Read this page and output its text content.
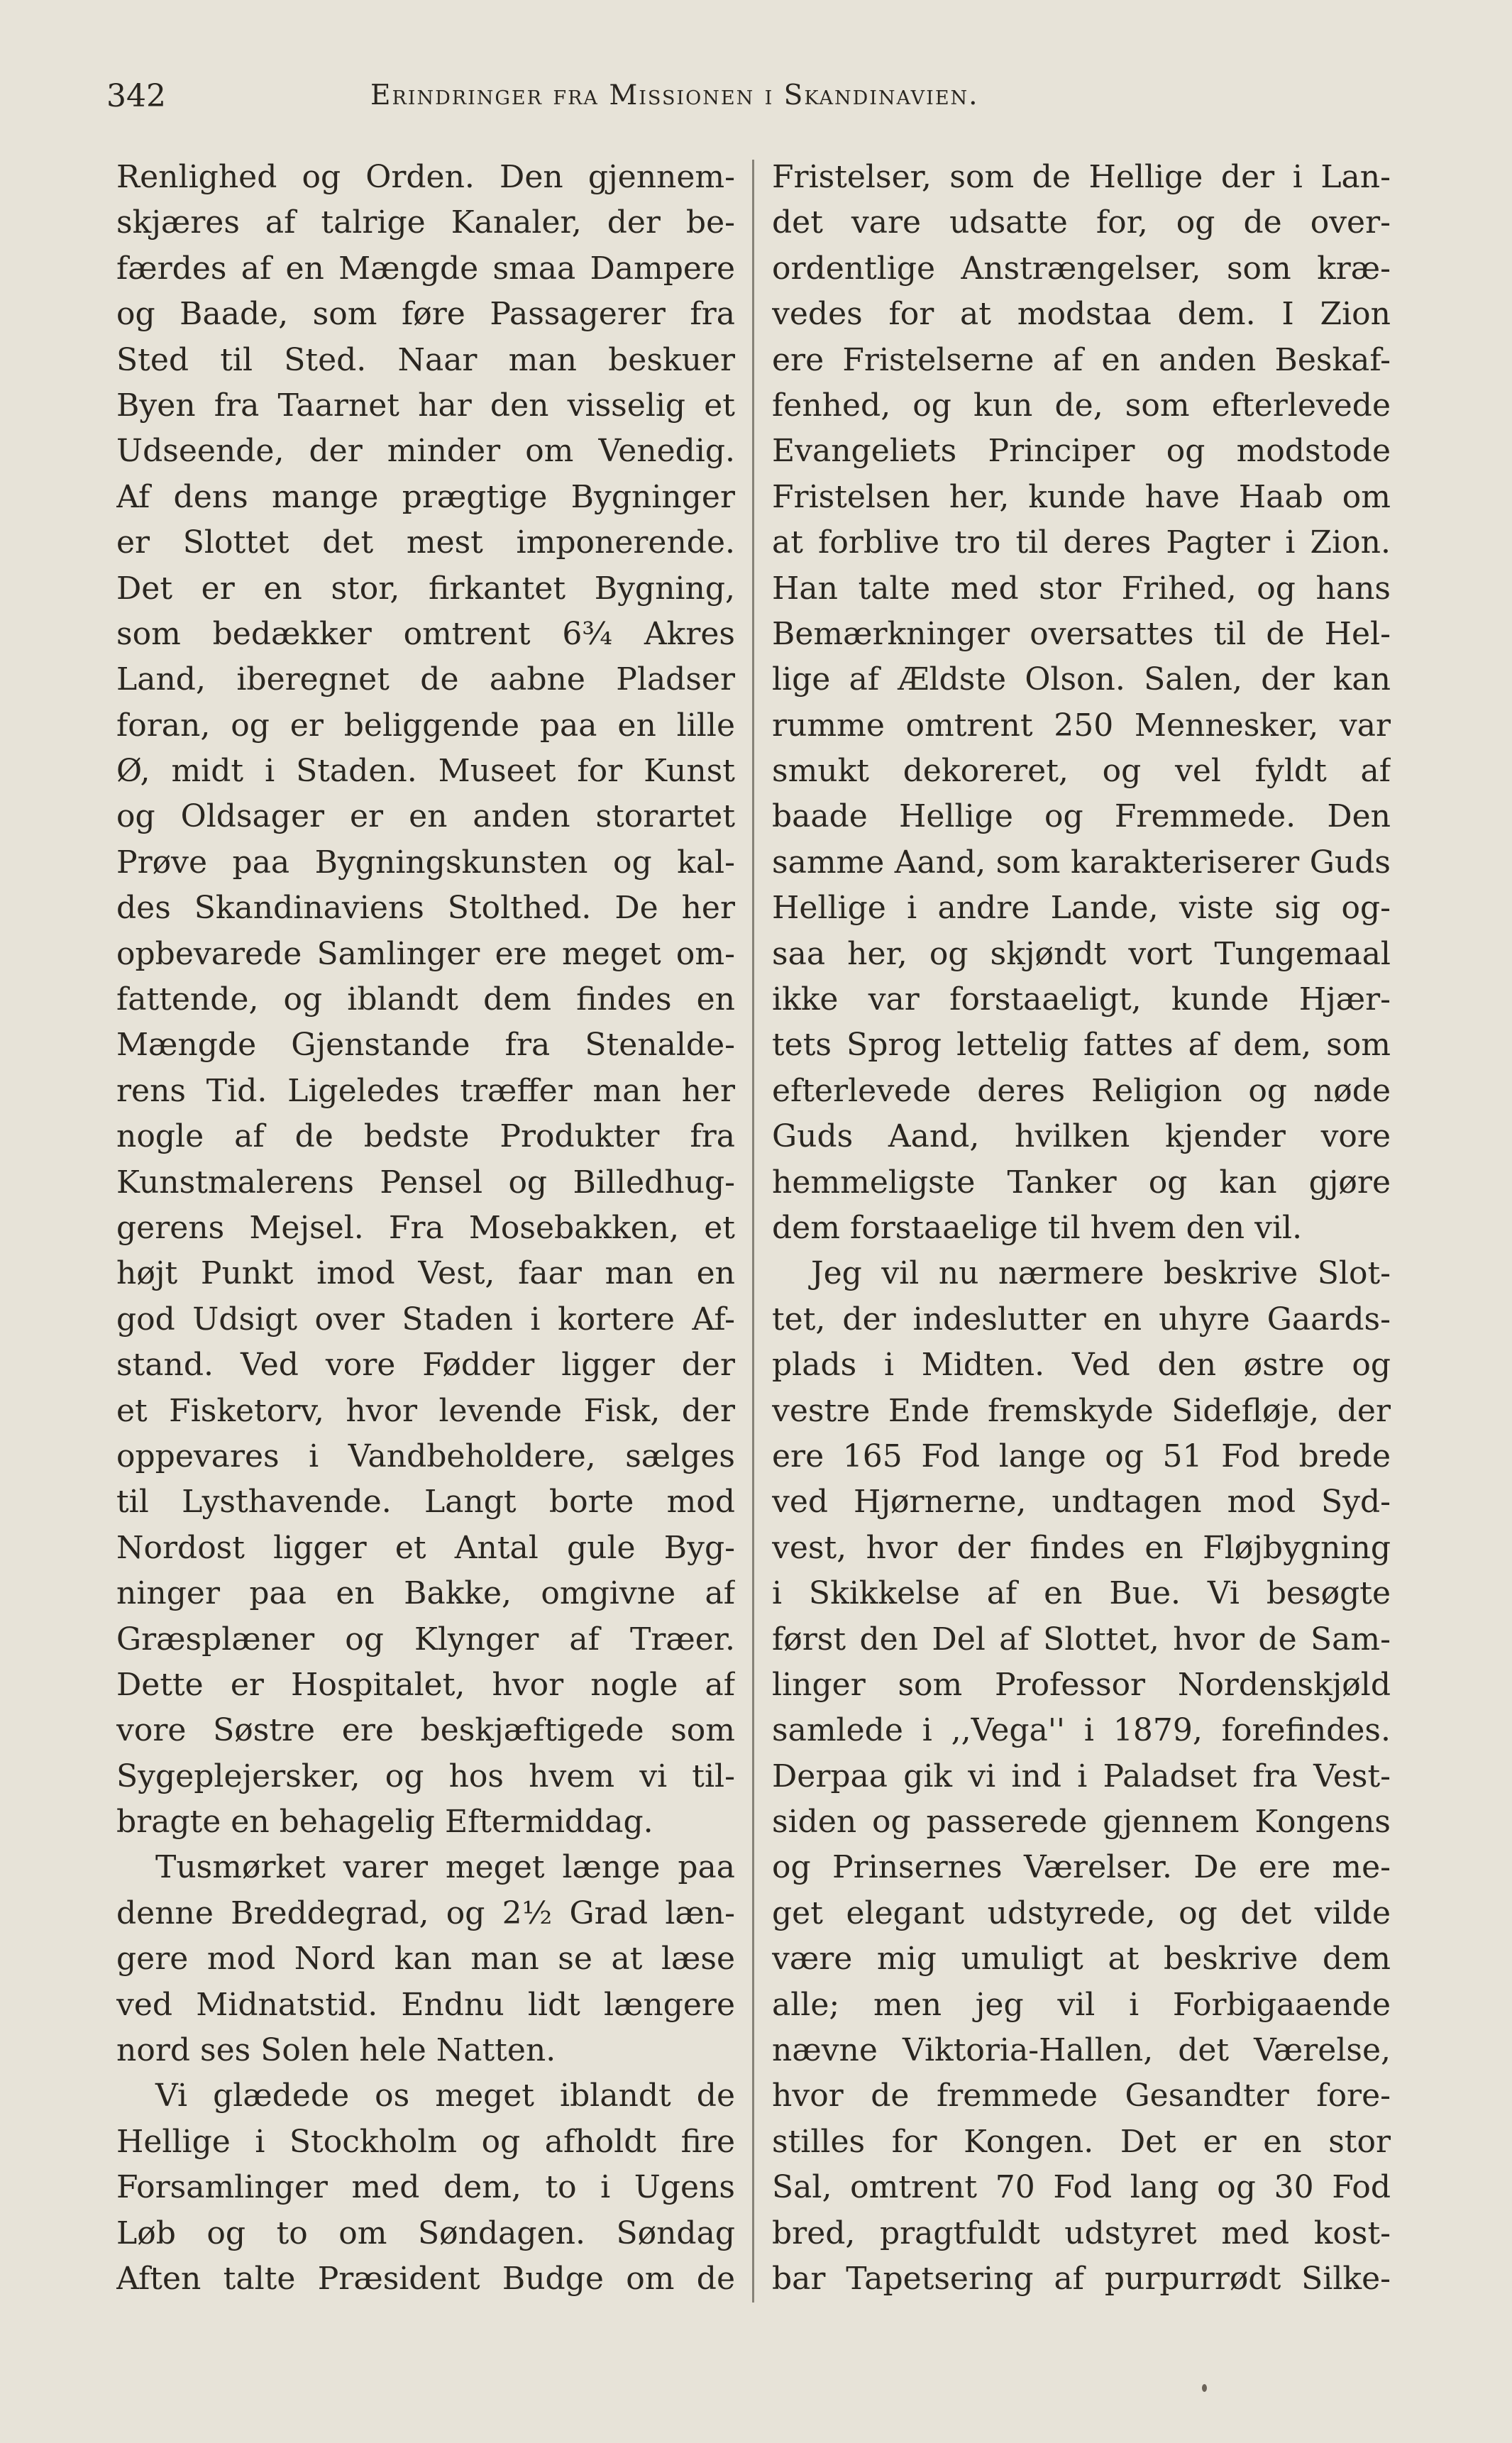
342	Erindringer fra Missionen i Skandinavien.
Renlighed og Orden. Den gjennem-
skjæres af talrige Kanaler, der be-
færdes af en Mængde smaa Dampere
og Baade, som føre Passagerer fra
Sted til Sted. Naar man beskuer
Byen fra Taarnet har den visselig et
Udseende, der minder om Venedig.
Af dens mange prægtige Bygninger
er Slottet det mest imponerende.
Det er en stor, firkantet Bygning,
som bedækker omtrent 6¾ Akres
Land, iberegnet de aabne Pladser
foran, og er beliggende paa en lille
Ø, midt i Staden. Museet for Kunst
og Oldsager er en anden storartet
Prøve paa Bygningskunsten og kal-
des Skandinaviens Stolthed. De her
opbevarede Samlinger ere meget om-
fattende, og iblandt dem findes en
Mængde Gjenstande fra Stenalde-
rens Tid. Ligeledes træffer man her
nogle af de bedste Produkter fra
Kunstmalerens Pensel og Billedhug-
gerens Mejsel. Fra Mosebakken, et
højt Punkt imod Vest, faar man en
god Udsigt over Staden i kortere Af-
stand. Ved vore Fødder ligger der
et Fisketorv, hvor levende Fisk, der
oppevares i Vandbeholdere, sælges
til Lysthavende. Langt borte mod
Nordost ligger et Antal gule Byg-
ninger paa en Bakke, omgivne af
Græsplæner og Klynger af Træer.
Dette er Hospitalet, hvor nogle af
vore Søstre ere beskjæftigede som
Sygeplejersker, og hos hvem vi til-
bragte en behagelig Eftermiddag.
Tusmørket varer meget længe paa
denne Breddegrad, og 2½ Grad læn-
gere mod Nord kan man se at læse
ved Midnatstid. Endnu lidt længere
nord ses Solen hele Natten.
Vi glædede os meget iblandt de
Hellige i Stockholm og afholdt fire
Forsamlinger med dem, to i Ugens
Løb og to om Søndagen. Søndag
Aften talte Præsident Budge om de
Fristelser, som de Hellige der i Lan-
det vare udsatte for, og de over-
ordentlige Anstrængelser, som kræ-
vedes for at modstaa dem. I Zion
ere Fristelserne af en anden Beskaf-
fenhed, og kun de, som efterlevede
Evangeliets Principer og modstode
Fristelsen her, kunde have Haab om
at forblive tro til deres Pagter i Zion.
Han talte med stor Frihed, og hans
Bemærkninger oversattes til de Hel-
lige af Ældste Olson. Salen, der kan
rumme omtrent 250 Mennesker, var
smukt dekoreret, og vel fyldt af
baade Hellige og Fremmede. Den
samme Aand, som karakteriserer Guds
Hellige i andre Lande, viste sig og-
saa her, og skjøndt vort Tungemaal
ikke var forstaaeligt, kunde Hjær-
tets Sprog lettelig fattes af dem, som
efterlevede deres Religion og nøde
Guds Aand, hvilken kjender vore
hemmeligste Tanker og kan gjøre
dem forstaaelige til hvem den vil.
Jeg vil nu nærmere beskrive Slot-
tet, der indeslutter en uhyre Gaards-
plads i Midten. Ved den østre og
vestre Ende fremskyde Sidefløje, der
ere 165 Fod lange og 51 Fod brede
ved Hjørnerne, undtagen mod Syd-
vest, hvor der findes en Fløjbygning
i Skikkelse af en Bue. Vi besøgte
først den Del af Slottet, hvor de Sam-
linger som Professor Nordenskjøld
samlede i ,,Vega'' i 1879, forefindes.
Derpaa gik vi ind i Paladset fra Vest-
siden og passerede gjennem Kongens
og Prinsernes Værelser. De ere me-
get elegant udstyrede, og det vilde
være mig umuligt at beskrive dem
alle; men jeg vil i Forbigaaende
nævne Viktoria-Hallen, det Værelse,
hvor de fremmede Gesandter fore-
stilles for Kongen. Det er en stor
Sal, omtrent 70 Fod lang og 30 Fod
bred, pragtfuldt udstyret med kost-
bar Tapetsering af purpurrødt Silke-
